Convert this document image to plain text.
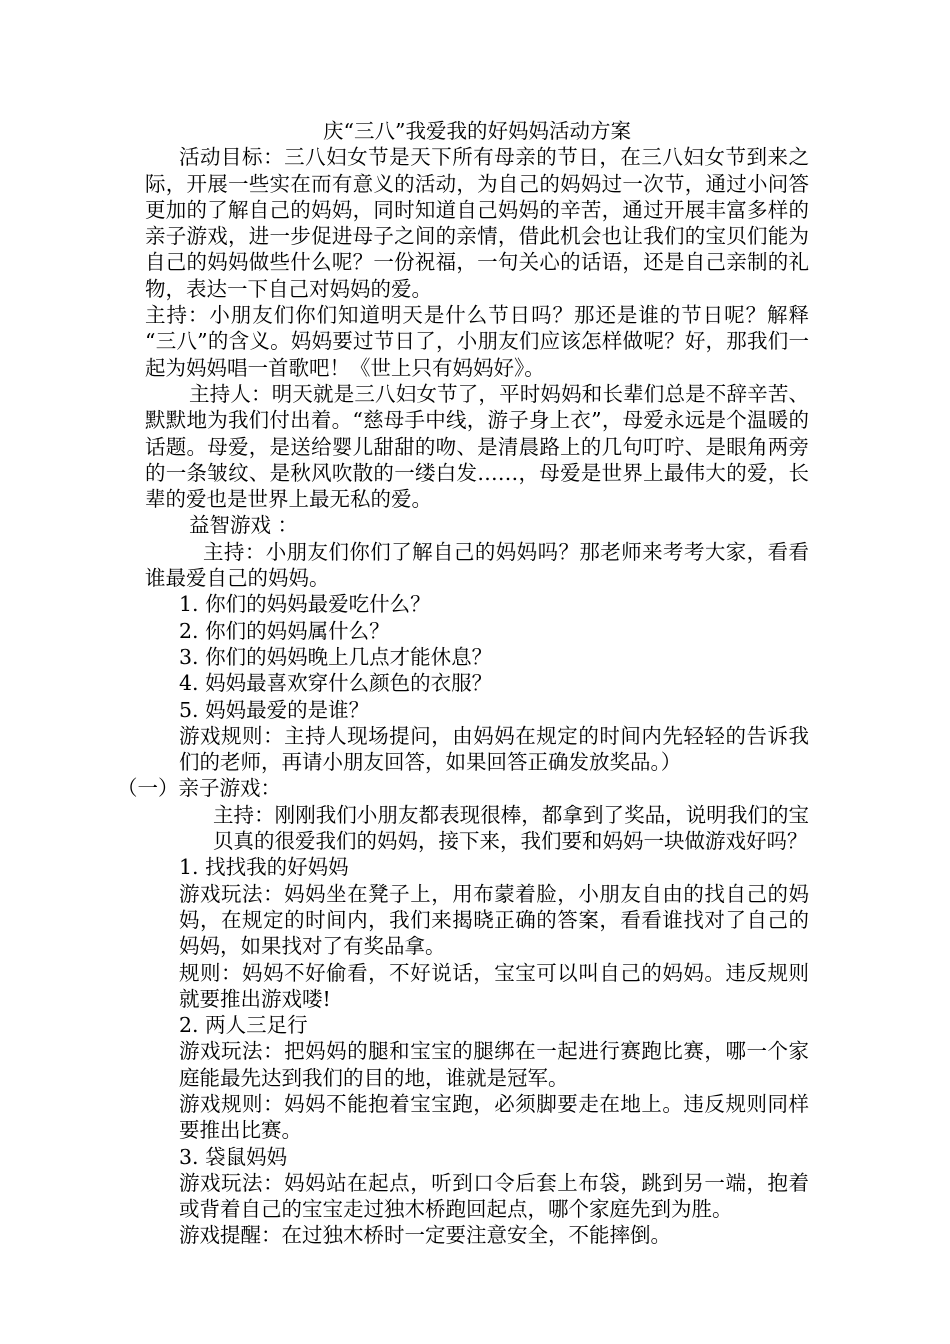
庆“三八”我爱我的好妈妈活动方案

活动目标：三八妇女节是天下所有母亲的节日，在三八妇女节到来之际，开展一些实在而有意义的活动，为自己的妈妈过一次节，通过小问答更加的了解自己的妈妈，同时知道自己妈妈的辛苦，通过开展丰富多样的亲子游戏，进一步促进母子之间的亲情，借此机会也让我们的宝贝们能为自己的妈妈做些什么呢？一份祝福，一句关心的话语，还是自己亲制的礼物，表达一下自己对妈妈的爱。

主持：小朋友们你们知道明天是什么节日吗？那还是谁的节日呢？解释 “三八”的含义。妈妈要过节日了，小朋友们应该怎样做呢？好，那我们一起为妈妈唱一首歌吧！《世上只有妈妈好》。

主持人：明天就是三八妇女节了，平时妈妈和长辈们总是不辞辛苦、默默地为我们付出着。“慈母手中线，游子身上衣”，母爱永远是个温暖的话题。母爱，是送给婴儿甜甜的吻、是清晨路上的几句叮咛、是眼角两旁的一条皱纹、是秋风吹散的一缕白发……，母爱是世界上最伟大的爱，长辈的爱也是世界上最无私的爱。

益智游戏 ：

主持：小朋友们你们了解自己的妈妈吗？那老师来考考大家，看看谁最爱自己的妈妈。

1. 你们的妈妈最爱吃什么？

2. 你们的妈妈属什么？

3. 你们的妈妈晚上几点才能休息？

4. 妈妈最喜欢穿什么颜色的衣服？

5. 妈妈最爱的是谁？

游戏规则：主持人现场提问，由妈妈在规定的时间内先轻轻的告诉我们的老师，再请小朋友回答，如果回答正确发放奖品。）

（一）亲子游戏：

主持：刚刚我们小朋友都表现很棒，都拿到了奖品，说明我们的宝贝真的很爱我们的妈妈，接下来，我们要和妈妈一块做游戏好吗？

1. 找找我的好妈妈

游戏玩法：妈妈坐在凳子上，用布蒙着脸，小朋友自由的找自己的妈妈，在规定的时间内，我们来揭晓正确的答案，看看谁找对了自己的妈妈，如果找对了有奖品拿。

规则：妈妈不好偷看，不好说话，宝宝可以叫自己的妈妈。违反规则就要推出游戏喽!

2. 两人三足行

游戏玩法：把妈妈的腿和宝宝的腿绑在一起进行赛跑比赛，哪一个家庭能最先达到我们的目的地，谁就是冠军。

游戏规则：妈妈不能抱着宝宝跑，必须脚要走在地上。违反规则同样要推出比赛。

3. 袋鼠妈妈

游戏玩法：妈妈站在起点，听到口令后套上布袋，跳到另一端，抱着或背着自己的宝宝走过独木桥跑回起点，哪个家庭先到为胜。

游戏提醒：在过独木桥时一定要注意安全，不能摔倒。
